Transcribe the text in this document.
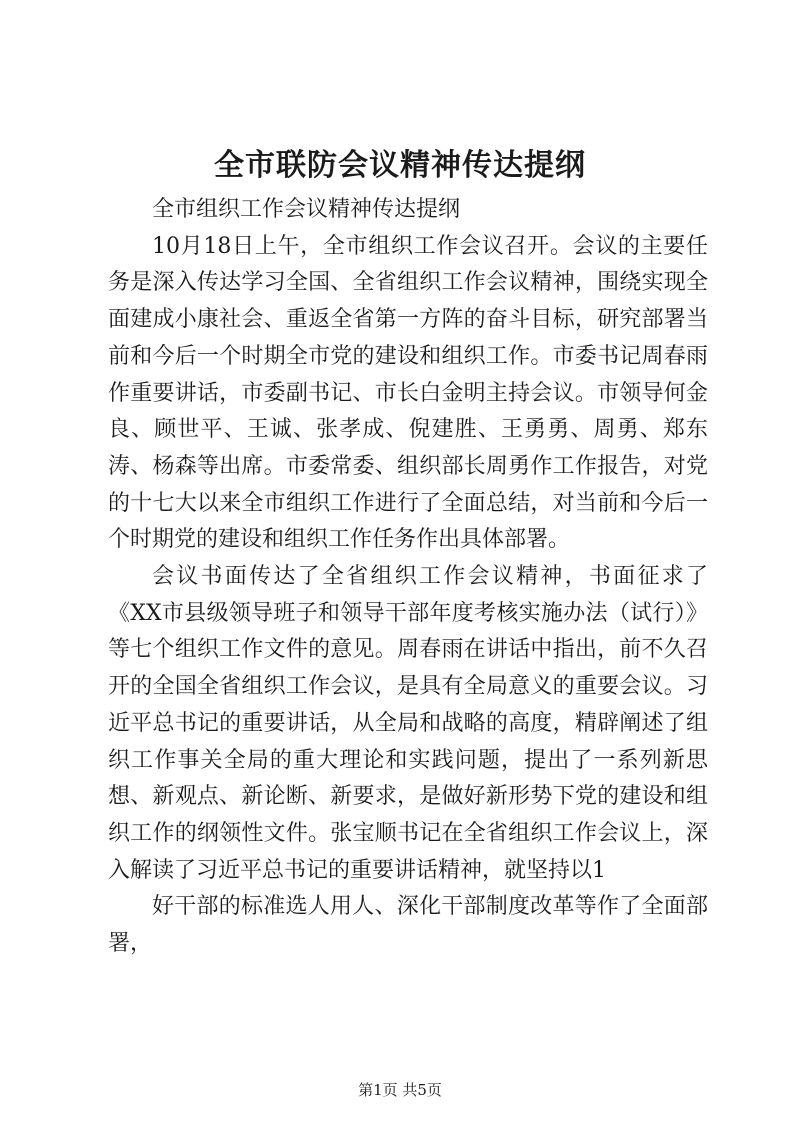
全市联防会议精神传达提纲

全市组织工作会议精神传达提纲

10月18日上午，全市组织工作会议召开。会议的主要任务是深入传达学习全国、全省组织工作会议精神，围绕实现全面建成小康社会、重返全省第一方阵的奋斗目标，研究部署当前和今后一个时期全市党的建设和组织工作。市委书记周春雨作重要讲话，市委副书记、市长白金明主持会议。市领导何金良、顾世平、王诚、张孝成、倪建胜、王勇勇、周勇、郑东涛、杨森等出席。市委常委、组织部长周勇作工作报告，对党的十七大以来全市组织工作进行了全面总结，对当前和今后一个时期党的建设和组织工作任务作出具体部署。

会议书面传达了全省组织工作会议精神，书面征求了《XX市县级领导班子和领导干部年度考核实施办法（试行）》等七个组织工作文件的意见。周春雨在讲话中指出，前不久召开的全国全省组织工作会议，是具有全局意义的重要会议。习近平总书记的重要讲话，从全局和战略的高度，精辟阐述了组织工作事关全局的重大理论和实践问题，提出了一系列新思想、新观点、新论断、新要求，是做好新形势下党的建设和组织工作的纲领性文件。张宝顺书记在全省组织工作会议上，深入解读了习近平总书记的重要讲话精神，就坚持以1

好干部的标准选人用人、深化干部制度改革等作了全面部署，

第1页 共5页
